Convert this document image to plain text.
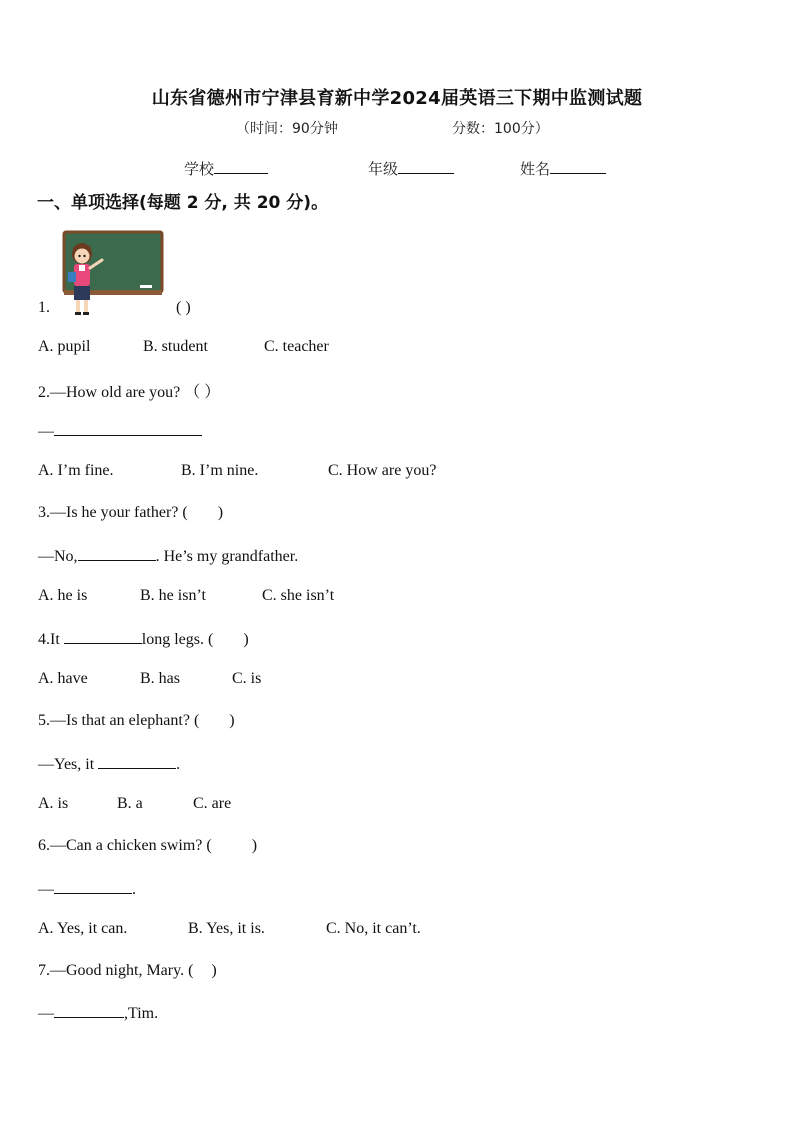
山东省德州市宁津县育新中学2024届英语三下期中监测试题
（时间：90分钟	分数：100分）
学校	年级	姓名
一、单项选择(每题 2 分, 共 20 分)。
1.	( )
A. pupil	B. student	C. teacher
2.—How old are you? （ ）
—
A. I’m fine.	B. I’m nine.	C. How are you?
3.—Is he your father? ( )
—No,	. He’s my grandfather.
A. he is	B. he isn’t	C. she isn’t
4.It	long legs. ( )
A. have	B. has	C. is
5.—Is that an elephant? ( )
—Yes, it	.
A. is	B. a	C. are
6.—Can a chicken swim? (	)
—	.
A. Yes, it can.	B. Yes, it is.	C. No, it can’t.
7.—Good night, Mary. ( )
—	,Tim.
